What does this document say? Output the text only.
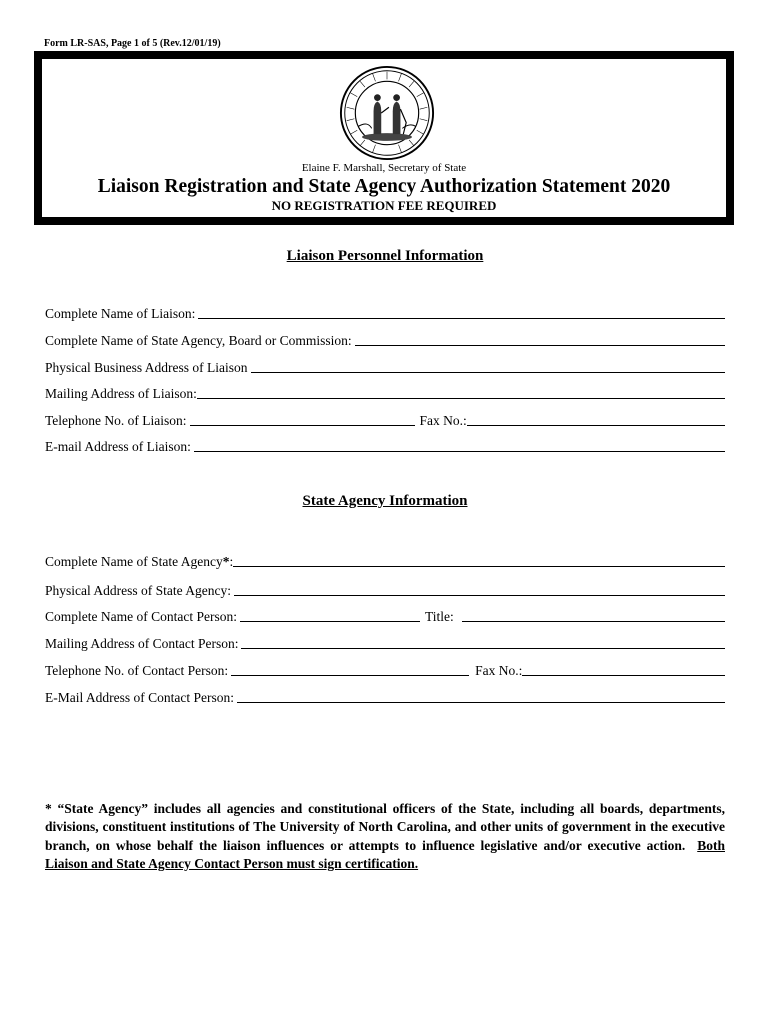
Form LR-SAS, Page 1 of 5 (Rev.12/01/19)
Elaine F. Marshall, Secretary of State
Liaison Registration and State Agency Authorization Statement 2020
NO REGISTRATION FEE REQUIRED
Liaison Personnel Information
Complete Name of Liaison:
Complete Name of State Agency, Board or Commission:
Physical Business Address of Liaison
Mailing Address of Liaison:
Telephone No. of Liaison:	Fax No.:
E-mail Address of Liaison:
State Agency Information
Complete Name of State Agency*:
Physical Address of State Agency:
Complete Name of Contact Person:	Title:
Mailing Address of Contact Person:
Telephone No. of Contact Person:	Fax No.:
E-Mail Address of Contact Person:
* “State Agency” includes all agencies and constitutional officers of the State, including all boards, departments, divisions, constituent institutions of The University of North Carolina, and other units of government in the executive branch, on whose behalf the liaison influences or attempts to influence legislative and/or executive action. Both Liaison and State Agency Contact Person must sign certification.
